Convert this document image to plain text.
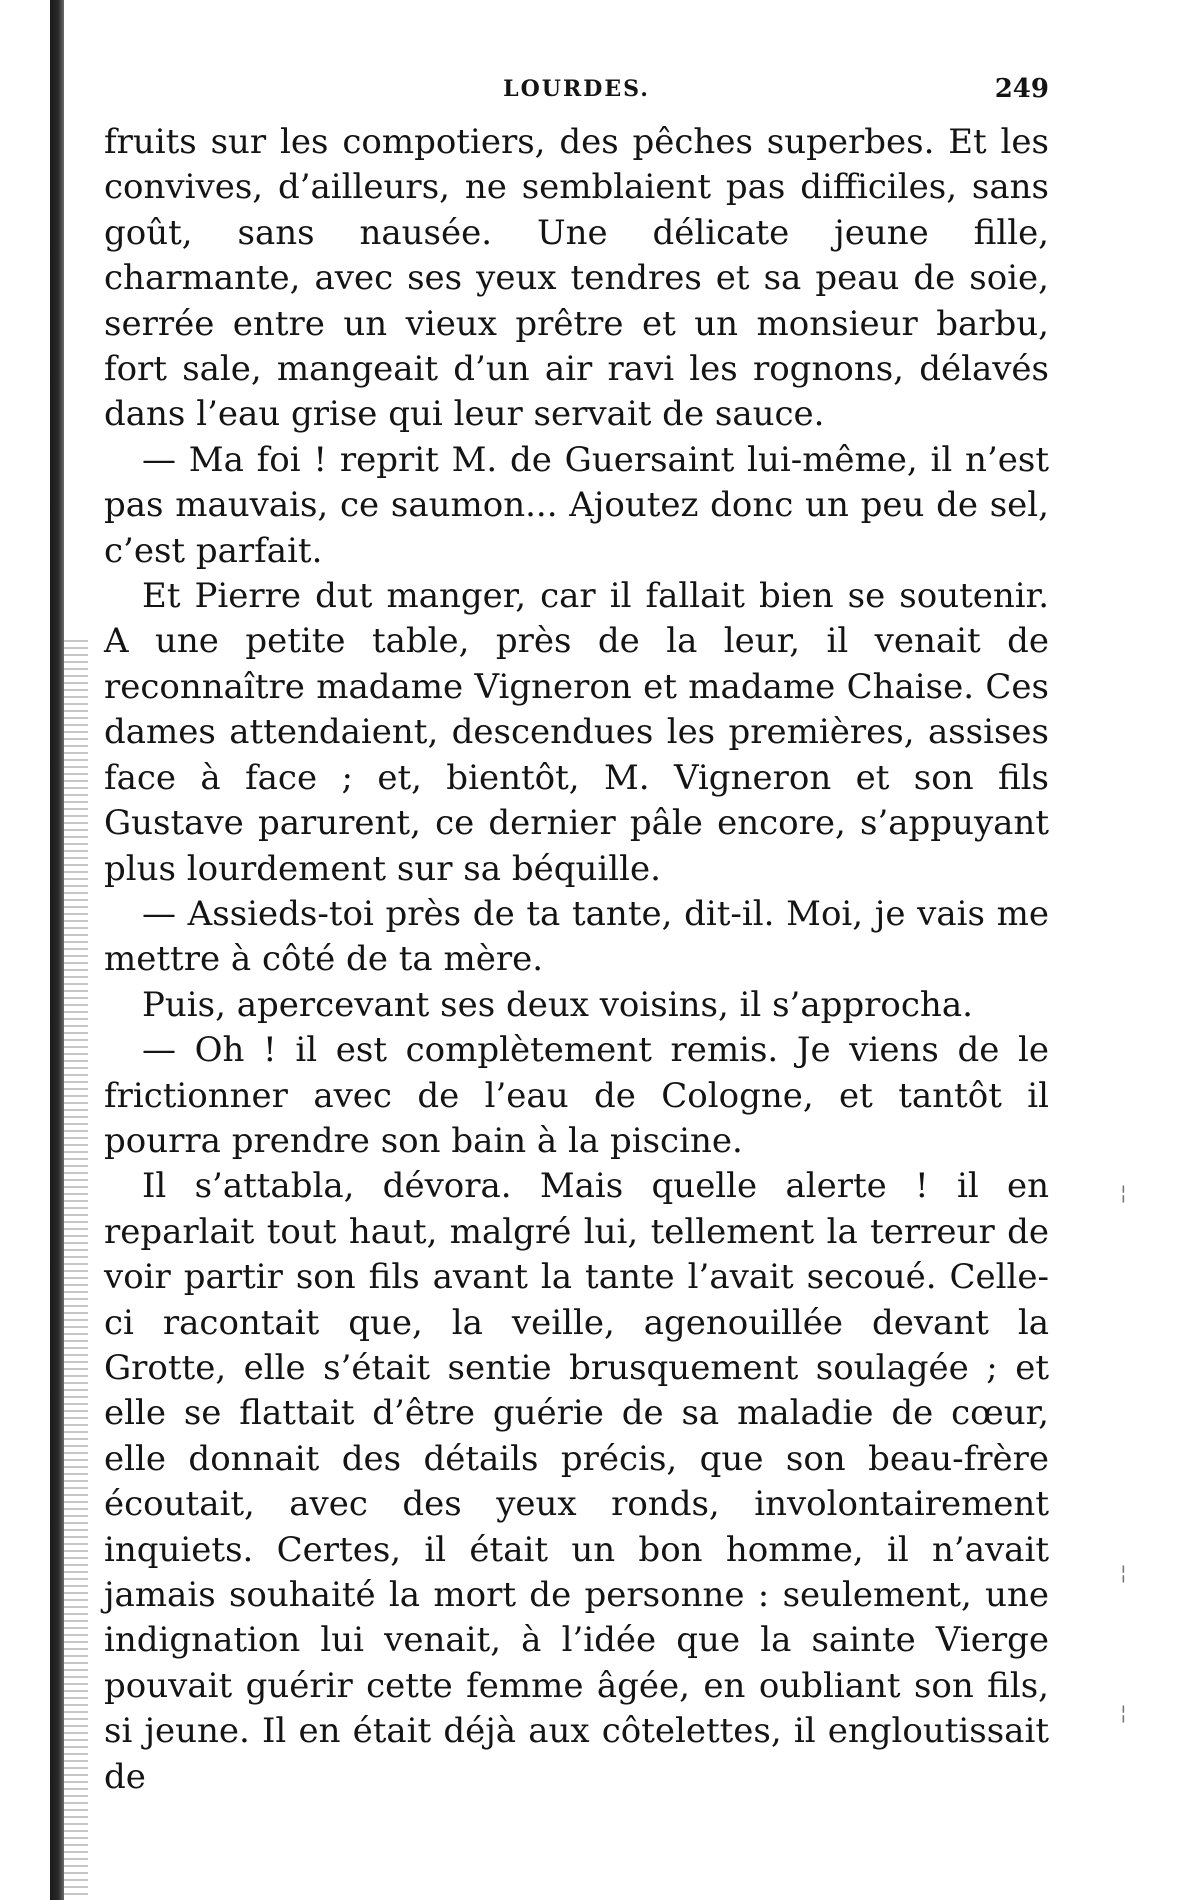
LOURDES.	249

fruits sur les compotiers, des pêches superbes. Et les convives, d’ailleurs, ne semblaient pas difficiles, sans goût, sans nausée. Une délicate jeune fille, charmante, avec ses yeux tendres et sa peau de soie, serrée entre un vieux prêtre et un monsieur barbu, fort sale, mangeait d’un air ravi les rognons, délavés dans l’eau grise qui leur servait de sauce.

— Ma foi ! reprit M. de Guersaint lui-même, il n’est pas mauvais, ce saumon... Ajoutez donc un peu de sel, c’est parfait.

Et Pierre dut manger, car il fallait bien se soutenir. A une petite table, près de la leur, il venait de reconnaître madame Vigneron et madame Chaise. Ces dames attendaient, descendues les premières, assises face à face ; et, bientôt, M. Vigneron et son fils Gustave parurent, ce dernier pâle encore, s’appuyant plus lourdement sur sa béquille.

— Assieds-toi près de ta tante, dit-il. Moi, je vais me mettre à côté de ta mère.

Puis, apercevant ses deux voisins, il s’approcha.

— Oh ! il est complètement remis. Je viens de le frictionner avec de l’eau de Cologne, et tantôt il pourra prendre son bain à la piscine.

Il s’attabla, dévora. Mais quelle alerte ! il en reparlait tout haut, malgré lui, tellement la terreur de voir partir son fils avant la tante l’avait secoué. Celle-ci racontait que, la veille, agenouillée devant la Grotte, elle s’était sentie brusquement soulagée ; et elle se flattait d’être guérie de sa maladie de cœur, elle donnait des détails précis, que son beau-frère écoutait, avec des yeux ronds, involontairement inquiets. Certes, il était un bon homme, il n’avait jamais souhaité la mort de personne : seulement, une indignation lui venait, à l’idée que la sainte Vierge pouvait guérir cette femme âgée, en oubliant son fils, si jeune. Il en était déjà aux côtelettes, il engloutissait de

¦
¦
¦
